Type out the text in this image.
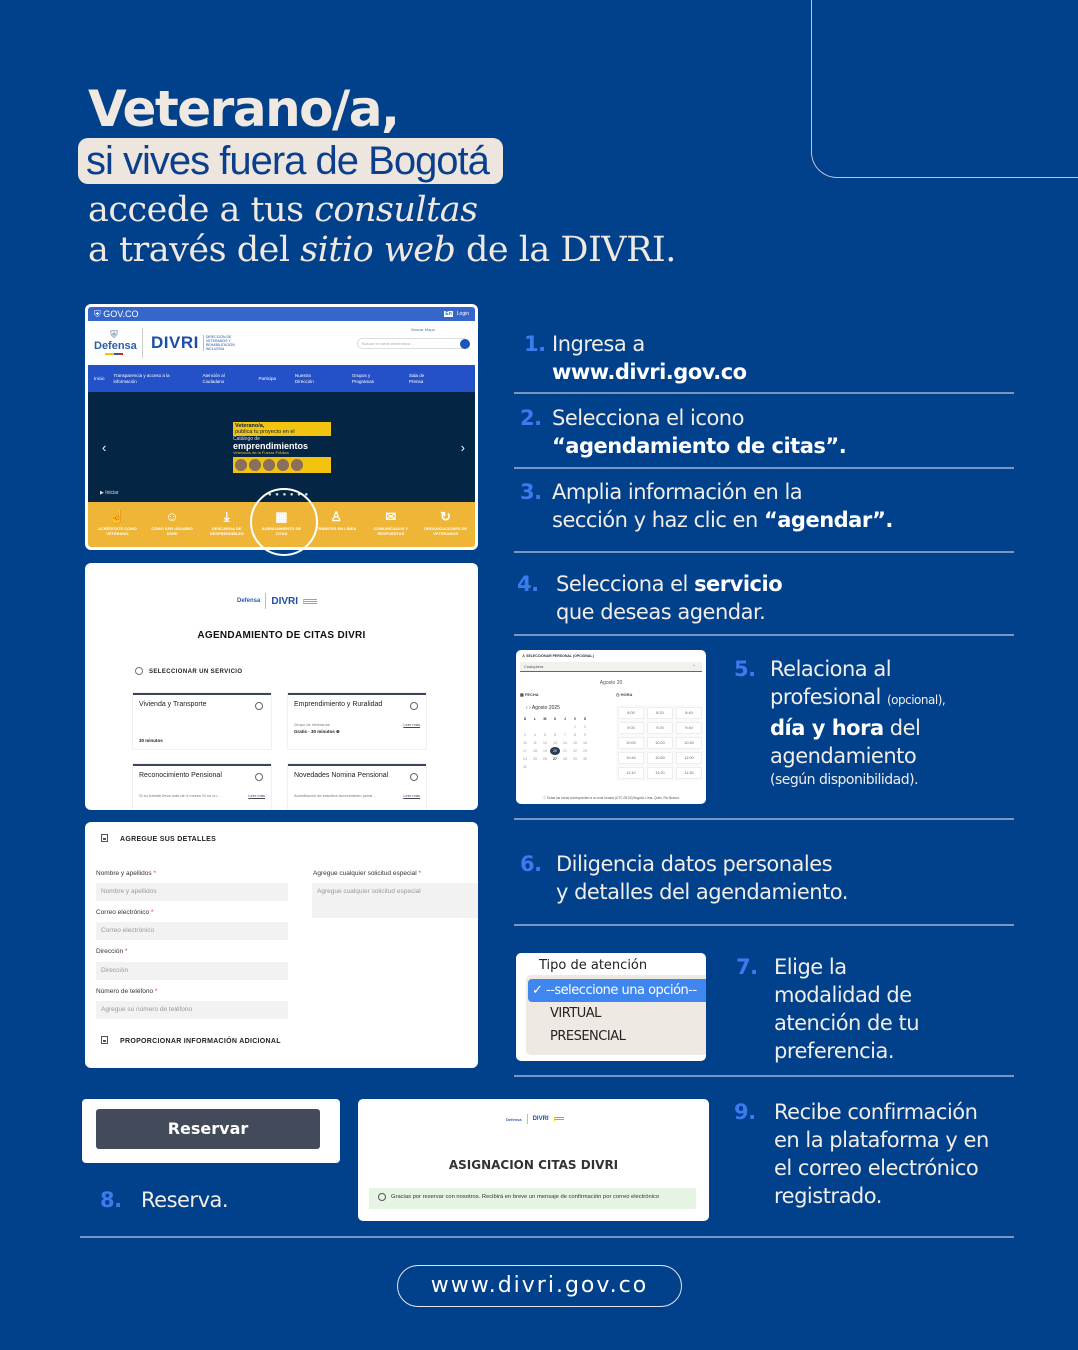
Veterano/a,
si vives fuera de Bogotá
accede a tus consultas
a través del sitio web de la DIVRI.
⛨ GOV.CO	En Login
⛨
Defensa DIVRI	DIRECCIÓN DE VETERANOS Y REHABILITACIÓN INCLUSIVA
Buscar Mapa
Buscar en sede electrónica ...
Inicio
Transparencia y acceso a la información
Atención al Ciudadano
Participa
Nuestra Dirección
Grupos y Programas
Sala de Prensa
‹	›
Veterano/a,
publica tu proyecto en el
Catálogo de
emprendimientos
Veteranos de la Fuerza Pública
▶ Iniciar	● ● ● ● ● ●
☝
ACRÉDITATE COMO VETERANO
☺
CÓMO SER USUARIO DIVRI
⤓
DESCARGA DE DESPRENDIBLES
▦
AGENDAMIENTO DE CITAS
♙
TRÁMITES EN LÍNEA
✉
COMUNICADOS Y RESPUESTAS
↻
ORGANIZACIONES DE VETERANOS
Defensa DIVRI
AGENDAMIENTO DE CITAS DIVRI
SELECCIONAR UN SERVICIO
Vivienda y Transporte
30 minutos
Emprendimiento y Ruralidad
Grupo de Veteranos	Leer más
Gratis · 30 minutos ⊕
Reconocimiento Pensional
Si su trámite lleva más de 4 meses Si no cu...	Leer más
Novedades Nomina Pensional
Acreditación de estudios Acrecimiento pensi...	Leer más
AGREGUE SUS DETALLES
Nombre y apellidos *
Nombre y apellidos
Correo electrónico *
Correo electrónico
Dirección *
Dirección
Número de teléfono *
Agregue su número de teléfono
Agregue cualquier solicitud especial *
Agregue cualquier solicitud especial
PROPORCIONAR INFORMACIÓN ADICIONAL
♙ SELECCIONAR PERSONAL (OPCIONAL)
Cualquiera ⌄
Agosto 20
▦ FECHA
‹ › Agosto 2025
D	L	M	X	J	V	S
					1	2
3	4	5	6	7	8	9
10	11	12	13	14	15	16
17	18	19	20	21	22	23
24	25	26	27	28	29	30
31						
◷ HORA
8:00	8:20	8:40
9:00	9:20	9:40
10:00	10:20	10:30
10:40	10:50	11:00
11:10	11:20	11:30
ⓘ Todas las horas corresponden a la zona horaria (UTC-05:00) Bogotá, Lima, Quito, Rio Branco
Tipo de atención
✓ --seleccione una opción--
VIRTUAL
PRESENCIAL
Reservar	Defensa DIVRI
ASIGNACION CITAS DIVRI
Gracias por reservar con nosotros. Recibirá en breve un mensaje de confirmación por correo electrónico
1. Ingresa a
www.divri.gov.co
2. Selecciona el icono
“agendamiento de citas”.
3. Amplia información en la
sección y haz clic en “agendar”.
4. Selecciona el servicio
que deseas agendar.
5. Relaciona al
profesional (opcional),
día y hora del
agendamiento
(según disponibilidad).
6. Diligencia datos personales
y detalles del agendamiento.
7. Elige la
modalidad de
atención de tu
preferencia.
8. Reserva.
9. Recibe confirmación
en la plataforma y en
el correo electrónico
registrado.
www.divri.gov.co
